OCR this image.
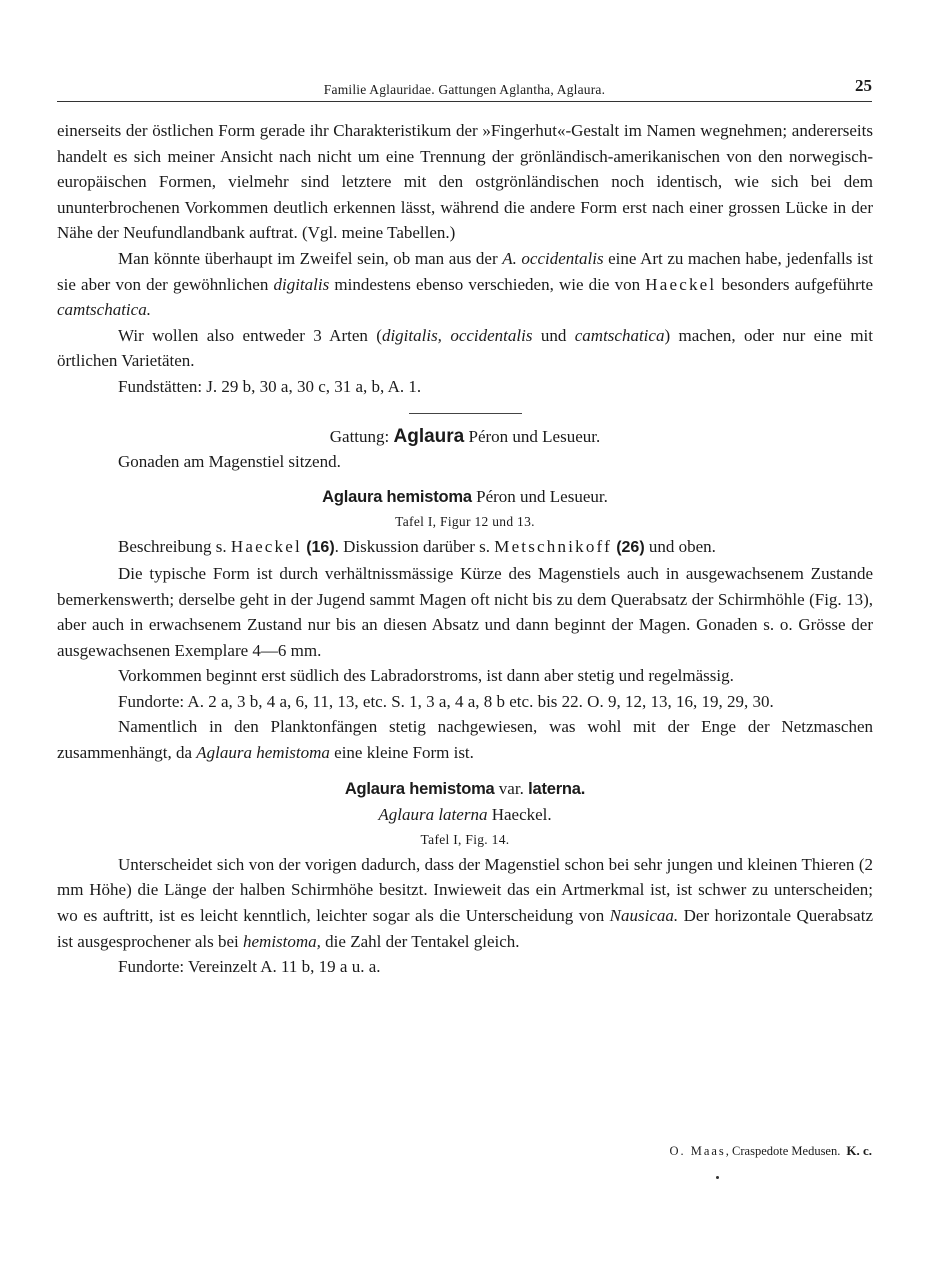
Familie Aglauridae. Gattungen Aglantha, Aglaura.	25

einerseits der östlichen Form gerade ihr Charakteristikum der »Fingerhut«-Gestalt im Namen wegnehmen; andererseits handelt es sich meiner Ansicht nach nicht um eine Trennung der grönländisch-amerikanischen von den norwegisch-europäischen Formen, vielmehr sind letztere mit den ostgrönländischen noch identisch, wie sich bei dem ununterbrochenen Vorkommen deutlich erkennen lässt, während die andere Form erst nach einer grossen Lücke in der Nähe der Neufundlandbank auftrat. (Vgl. meine Tabellen.)

Man könnte überhaupt im Zweifel sein, ob man aus der A. occidentalis eine Art zu machen habe, jedenfalls ist sie aber von der gewöhnlichen digitalis mindestens ebenso verschieden, wie die von Haeckel besonders aufgeführte camtschatica.

Wir wollen also entweder 3 Arten (digitalis, occidentalis und camtschatica) machen, oder nur eine mit örtlichen Varietäten.

Fundstätten: J. 29 b, 30 a, 30 c, 31 a, b, A. 1.

Gattung: Aglaura Péron und Lesueur.

Gonaden am Magenstiel sitzend.

Aglaura hemistoma Péron und Lesueur.

Tafel I, Figur 12 und 13.

Beschreibung s. Haeckel (16). Diskussion darüber s. Metschnikoff (26) und oben.

Die typische Form ist durch verhältnissmässige Kürze des Magenstiels auch in ausgewachsenem Zustande bemerkenswerth; derselbe geht in der Jugend sammt Magen oft nicht bis zu dem Querabsatz der Schirmhöhle (Fig. 13), aber auch in erwachsenem Zustand nur bis an diesen Absatz und dann beginnt der Magen. Gonaden s. o. Grösse der ausgewachsenen Exemplare 4—6 mm.

Vorkommen beginnt erst südlich des Labradorstroms, ist dann aber stetig und regelmässig.

Fundorte: A. 2 a, 3 b, 4 a, 6, 11, 13, etc. S. 1, 3 a, 4 a, 8 b etc. bis 22. O. 9, 12, 13, 16, 19, 29, 30.

Namentlich in den Planktonfängen stetig nachgewiesen, was wohl mit der Enge der Netzmaschen zusammenhängt, da Aglaura hemistoma eine kleine Form ist.

Aglaura hemistoma var. laterna.

Aglaura laterna Haeckel.

Tafel I, Fig. 14.

Unterscheidet sich von der vorigen dadurch, dass der Magenstiel schon bei sehr jungen und kleinen Thieren (2 mm Höhe) die Länge der halben Schirmhöhe besitzt. Inwieweit das ein Artmerkmal ist, ist schwer zu unterscheiden; wo es auftritt, ist es leicht kenntlich, leichter sogar als die Unterscheidung von Nausicaa. Der horizontale Querabsatz ist ausgesprochener als bei hemistoma, die Zahl der Tentakel gleich.

Fundorte: Vereinzelt A. 11 b, 19 a u. a.

O. Maas, Craspedote Medusen. K. c.
